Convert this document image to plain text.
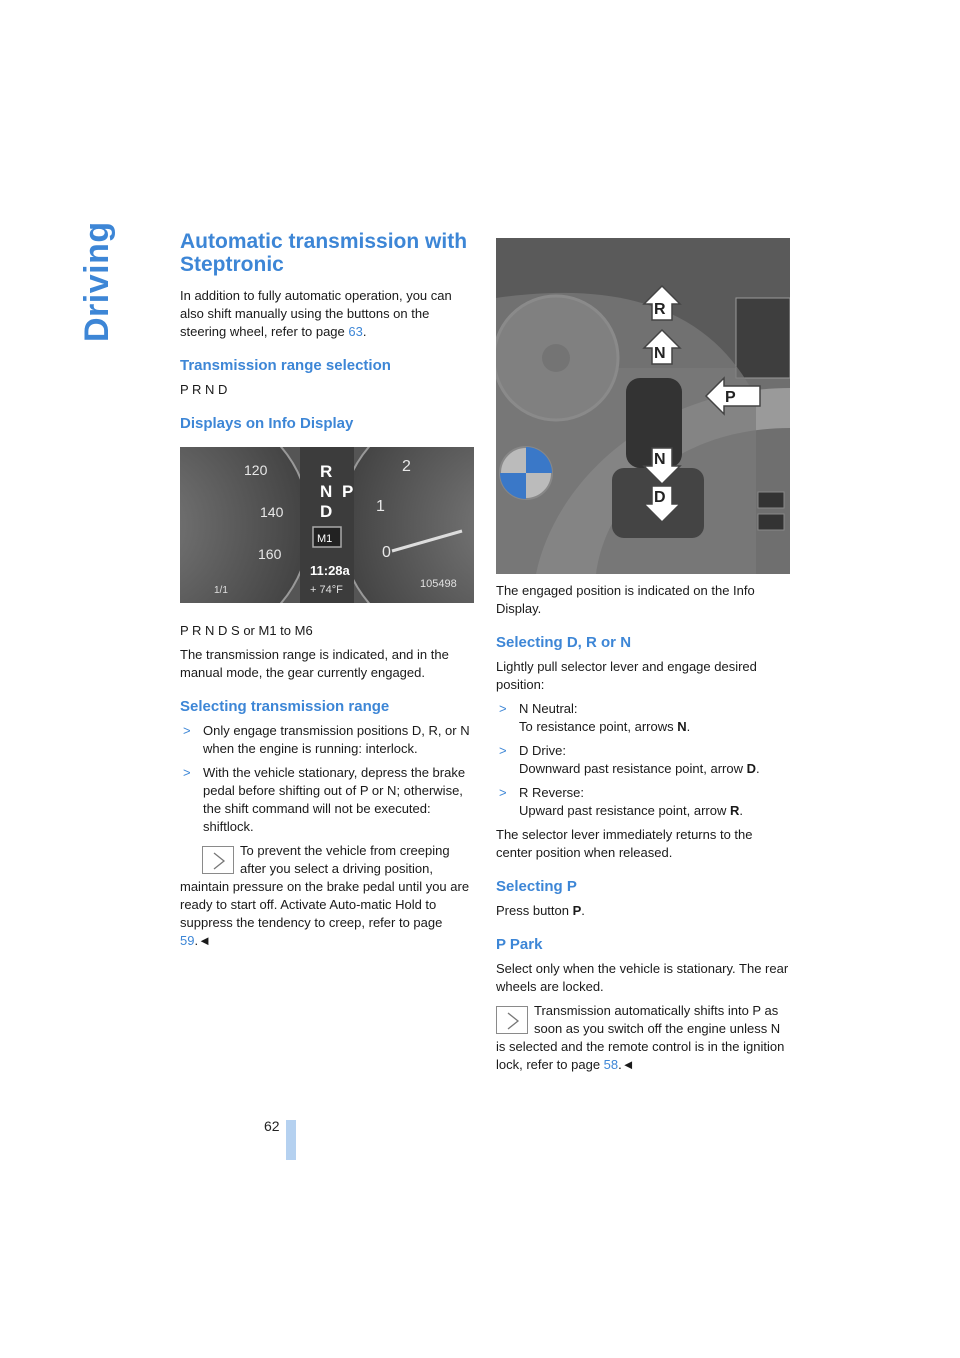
Driving	Automatic transmission with Steptronic

In addition to fully automatic operation, you can also shift manually using the buttons on the steering wheel, refer to page 63.

Transmission range selection

P R N D

Displays on Info Display
120
140
160
R
N P
D
2
1
0
M1
11:28a
+ 74°F	105498
1/1

P R N D S or M1 to M6

The transmission range is indicated, and in the manual mode, the gear currently engaged.

Selecting transmission range
> Only engage transmission positions D, R, or N when the engine is running: interlock.
> With the vehicle stationary, depress the brake pedal before shifting out of P or N; otherwise, the shift command will not be executed: shiftlock.
To prevent the vehicle from creeping after you select a driving position, maintain pressure on the brake pedal until you are ready to start off. Activate Auto-matic Hold to suppress the tendency to creep, refer to page 59.◄
R
N
P
N
D

The engaged position is indicated on the Info Display.

Selecting D, R or N

Lightly pull selector lever and engage desired position:

> N Neutral:
To resistance point, arrows N.
> D Drive:
Downward past resistance point, arrow D.
> R Reverse:
Upward past resistance point, arrow R.

The selector lever immediately returns to the center position when released.

Selecting P

Press button P.

P Park

Select only when the vehicle is stationary. The rear wheels are locked.

Transmission automatically shifts into P as soon as you switch off the engine unless N is selected and the remote control is in the ignition lock, refer to page 58.◄
62
